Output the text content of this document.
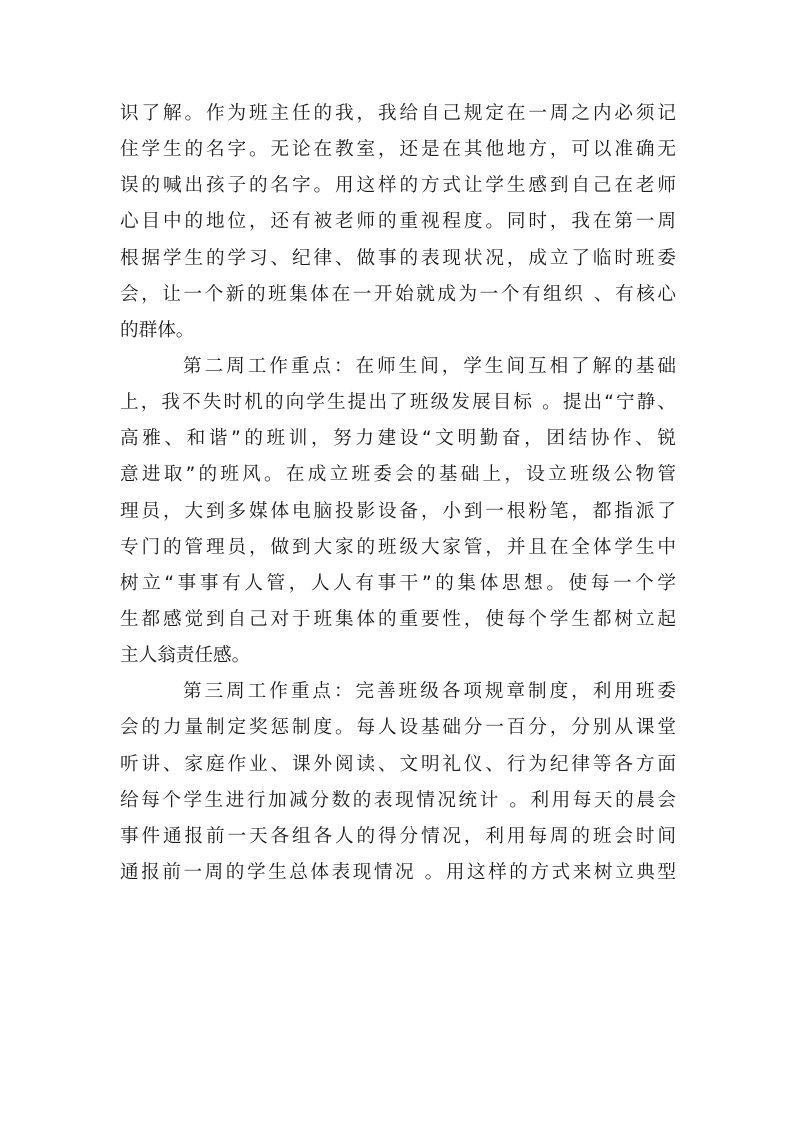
识了解。作为班主任的我，我给自己规定在一周之内必须记
住学生的名字。无论在教室，还是在其他地方，可以准确无
误的喊出孩子的名字。用这样的方式让学生感到自己在老师
心目中的地位，还有被老师的重视程度。同时，我在第一周
根据学生的学习、纪律、做事的表现状况，成立了临时班委
会，让一个新的班集体在一开始就成为一个有组织 、有核心
的群体。
第二周工作重点：在师生间，学生间互相了解的基础
上，我不失时机的向学生提出了班级发展目标 。提出“宁静、
高雅、和谐”的班训，努力建设“文明勤奋，团结协作、锐
意进取”的班风。在成立班委会的基础上，设立班级公物管
理员，大到多媒体电脑投影设备，小到一根粉笔，都指派了
专门的管理员，做到大家的班级大家管，并且在全体学生中
树立“事事有人管，人人有事干”的集体思想。使每一个学
生都感觉到自己对于班集体的重要性，使每个学生都树立起
主人翁责任感。
第三周工作重点：完善班级各项规章制度，利用班委
会的力量制定奖惩制度。每人设基础分一百分，分别从课堂
听讲、家庭作业、课外阅读、文明礼仪、行为纪律等各方面
给每个学生进行加减分数的表现情况统计 。利用每天的晨会
事件通报前一天各组各人的得分情况，利用每周的班会时间
通报前一周的学生总体表现情况 。用这样的方式来树立典型
